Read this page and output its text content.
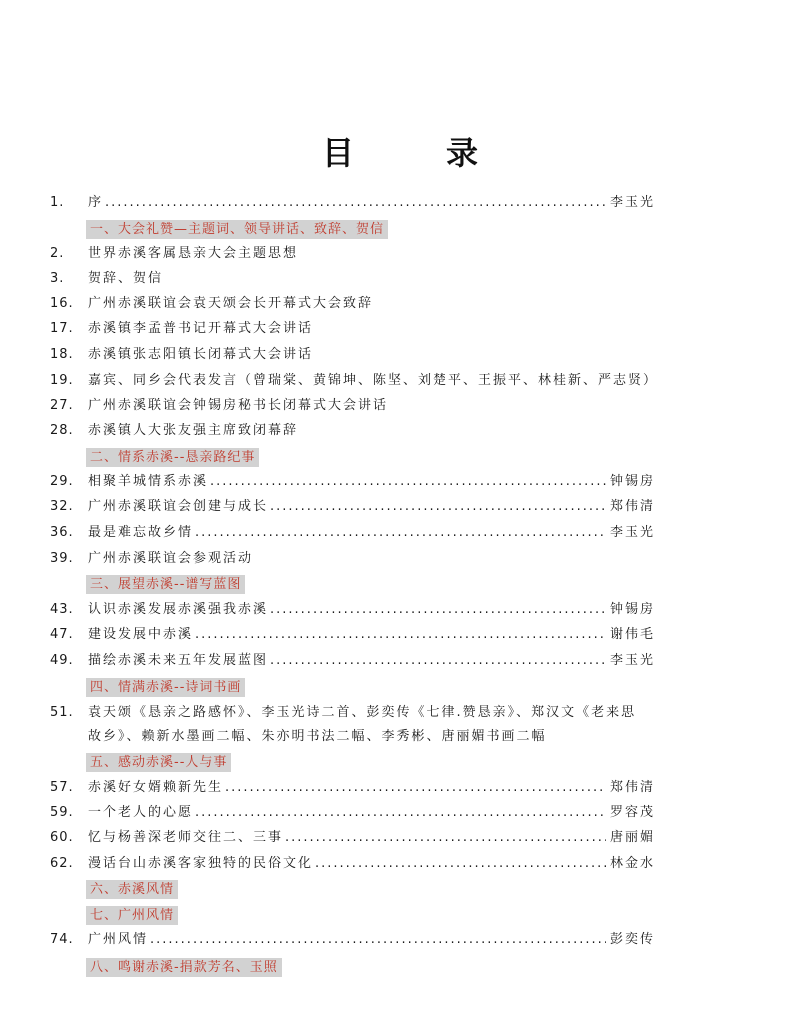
目　录
1.	序 .....	李玉光
一、大会礼赞—主题词、领导讲话、致辞、贺信
2.	世界赤溪客属恳亲大会主题思想
3.	贺辞、贺信
16.	广州赤溪联谊会袁天颂会长开幕式大会致辞
17.	赤溪镇李孟普书记开幕式大会讲话
18.	赤溪镇张志阳镇长闭幕式大会讲话
19.	嘉宾、同乡会代表发言（曾瑞棠、黄锦坤、陈坚、刘楚平、王振平、林桂新、严志贤）
27.	广州赤溪联谊会钟锡房秘书长闭幕式大会讲话
28.	赤溪镇人大张友强主席致闭幕辞
二、情系赤溪--恳亲路纪事
29.	相聚羊城情系赤溪 .....	钟锡房
32.	广州赤溪联谊会创建与成长 .....	郑伟清
36.	最是难忘故乡情 .....	李玉光
39.	广州赤溪联谊会参观活动
三、展望赤溪--谱写蓝图
43.	认识赤溪发展赤溪强我赤溪 .....	钟锡房
47.	建设发展中赤溪 .....	谢伟毛
49.	描绘赤溪未来五年发展蓝图 .....	李玉光
四、情满赤溪--诗词书画
51.	袁天颂《恳亲之路感怀》、李玉光诗二首、彭奕传《七律.赞恳亲》、郑汉文《老来思
故乡》、赖新水墨画二幅、朱亦明书法二幅、李秀彬、唐丽媚书画二幅
五、感动赤溪--人与事
57.	赤溪好女婿赖新先生 .....	郑伟清
59.	一个老人的心愿 .....	罗容茂
60.	忆与杨善深老师交往二、三事 .....	唐丽媚
62.	漫话台山赤溪客家独特的民俗文化 .....	林金水
六、赤溪风情
七、广州风情
74.	广州风情 .....	彭奕传
八、鸣谢赤溪-捐款芳名、玉照
